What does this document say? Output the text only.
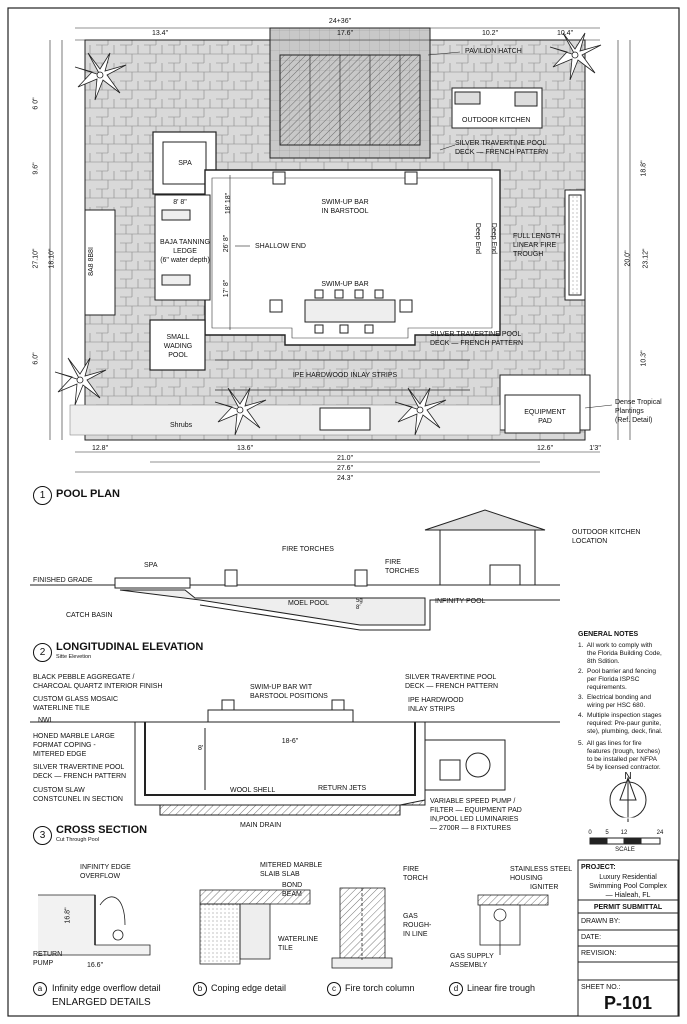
24+36"
13.4"	17.6"	10.2"	10.4"
6 0"
9.6"
27.10" 18.10"
6.0"
18.8"
20.0" 23.12"
10.3"
12.8"	13.6"
21.0"
27.6"
24.3"
12.6"	1'3"
PAVILION HATCH
OUTDOOR KITCHEN
SILVER TRAVERTINE POOL
DECK — FRENCH PATTERN
SPA
8' 8"	SWIM-UP BAR
IN BARSTOOL
BAJA TANNING
LEDGE
(6" water depth)
SHALLOW END	Deep End Deep End FULL LENGTH
LINEAR FIRE
TROUGH
SWIM-UP BAR
SMALL
WADING
POOL
SILVER TRAVERTINE POOL
DECK — FRENCH PATTERN
IPE HARDWOOD INLAY STRIPS
Shrubs
EQUIPMENT
PAD
Dense Tropical
Plantings
(Ref. Detail)
8A8 8B8I
18' 18"
26' 8"
17' 8"
1 POOL PLAN
OUTDOOR KITCHEN
LOCATION
FIRE TORCHES
FIRE
TORCHES
SPA
FINISHED GRADE
CATCH BASIN
MOEL POOL	INFINITY POOL
5g
8'
2 LONGITUDINAL ELEVATION
Sitte Elevetion
BLACK PEBBLE AGGREGATE /
CHARCOAL QUARTZ INTERIOR FINISH
CUSTOM GLASS MOSAIC
WATERLINE TILE
NWL
HONED MARBLE LARGE
FORMAT COPING -
MITERED EDGE
SILVER TRAVERTINE POOL
DECK — FRENCH PATTERN
CUSTOM SLAW
CONSTCUNEL IN SECTION
SWIM-UP BAR WIT
BARSTOOL POSITIONS
SILVER TRAVERTINE POOL
DECK — FRENCH PATTERN
IPE HARDWOOD
INLAY STRIPS
18-6"
8'
WOOL SHELL	RETURN JETS
MAIN DRAIN
VARIABLE SPEED PUMP /
FILTER — EQUIPMENT PAD
IN,POOL LED LUMINARIES
— 2700R — 8 FIXTURES
3 CROSS SECTION
Cut Through Pool
GENERAL NOTES
1.  All work to comply with
the Florida Building Code,
8th Sdition.
2.  Pool barrier and fencing
per Florida ISPSC
requirements.
3.  Electrical bonding and
wiring per HSC 680.
4.  Multiple inspection stages
required: Pre-paur gunite,
ste), plumbing, deck, final.
5.  All gas lines for fire
features (trough, torches)
to be installed per NFPA
54 by licensed contractor.
N
0 5 12	24
SCALE
INFINITY EDGE
OVERFLOW
RETURN
PUMP
16.8"
16.6"
MITERED MARBLE
SLAIB SLAB
BOND
BEAM
WATERLINE
TILE
FIRE
TORCH
GAS
ROUGH-
IN LINE
STAINLESS STEEL
HOUSING
IGNITER
GAS SUPPLY
ASSEMBLY
a	Infinity edge overflow detail	b Coping edge detail	c	Fire torch column	d Linear fire trough
ENLARGED DETAILS
PROJECT:
Luxury Residential
Swimming Pool Complex
— Hialeah, FL
PERMIT SUBMITTAL
DRAWN BY:
DATE:
REVISION:
SHEET NO.:
P-101
